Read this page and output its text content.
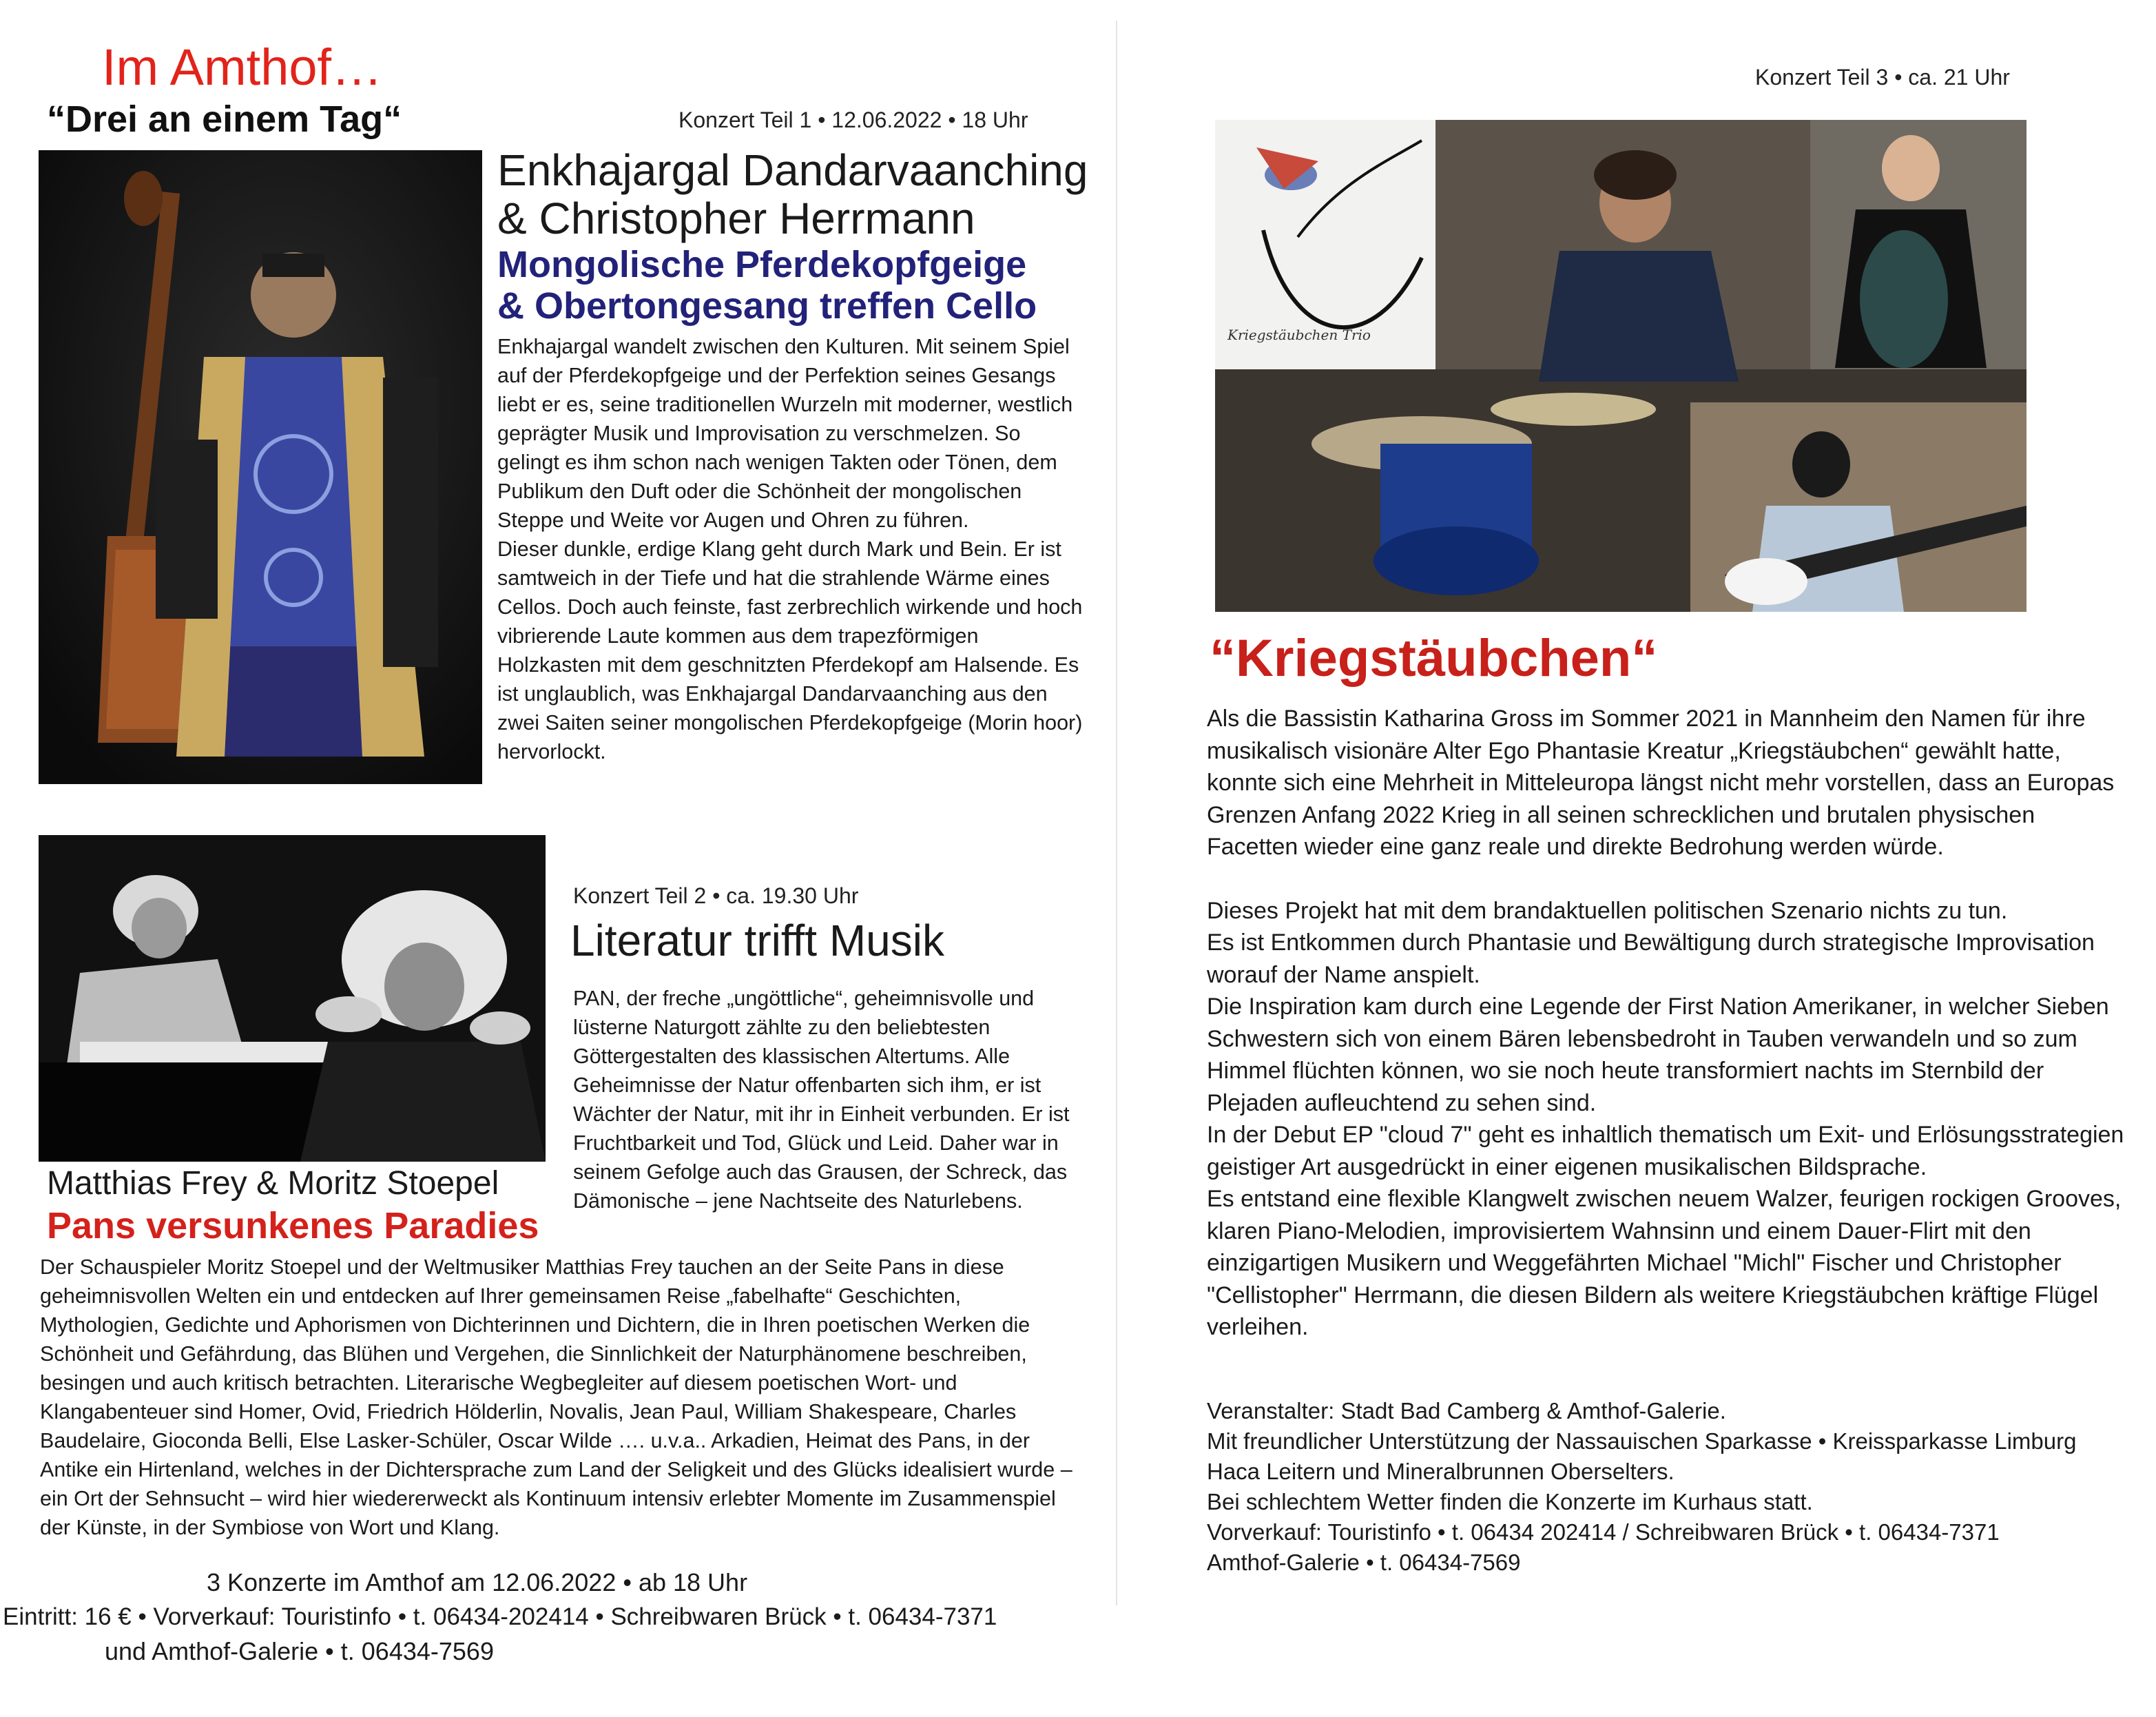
Im Amthof…
“Drei an einem Tag“	Konzert Teil 1 • 12.06.2022 • 18 Uhr
Enkhajargal Dandarvaanching
& Christopher Herrmann
Mongolische Pferdekopfgeige
& Obertongesang treffen Cello

Enkhajargal wandelt zwischen den Kulturen. Mit seinem Spiel auf der Pferdekopfgeige und der Perfektion seines Gesangs liebt er es, seine traditionellen Wurzeln mit moderner, westlich geprägter Musik und Improvisation zu verschmelzen. So gelingt es ihm schon nach wenigen Takten oder Tönen, dem Publikum den Duft oder die Schönheit der mongolischen Steppe und Weite vor Augen und Ohren zu führen.

Dieser dunkle, erdige Klang geht durch Mark und Bein. Er ist samtweich in der Tiefe und hat die strahlende Wärme eines Cellos. Doch auch feinste, fast zerbrechlich wirkende und hoch vibrierende Laute kommen aus dem trapezförmigen Holzkasten mit dem geschnitzten Pferdekopf am Halsende. Es ist unglaublich, was Enkhajargal Dandarvaanching aus den zwei Saiten seiner mongolischen Pferdekopfgeige (Morin hoor) hervorlockt.

Konzert Teil 2 • ca. 19.30 Uhr
Literatur trifft Musik

PAN, der freche „ungöttliche“, geheimnisvolle und lüsterne Naturgott zählte zu den beliebtesten Göttergestalten des klassischen Altertums. Alle Geheimnisse der Natur offenbarten sich ihm, er ist Wächter der Natur, mit ihr in Einheit verbunden. Er ist Fruchtbarkeit und Tod, Glück und Leid. Daher war in seinem Gefolge auch das Grausen, der Schreck, das Dämonische – jene Nachtseite des Naturlebens.

Matthias Frey & Moritz Stoepel
Pans versunkenes Paradies

Der Schauspieler Moritz Stoepel und der Weltmusiker Matthias Frey tauchen an der Seite Pans in diese geheimnisvollen Welten ein und entdecken auf Ihrer gemeinsamen Reise „fabelhafte“ Geschichten, Mythologien, Gedichte und Aphorismen von Dichterinnen und Dichtern, die in Ihren poetischen Werken die Schönheit und Gefährdung, das Blühen und Vergehen, die Sinnlichkeit der Naturphänomene beschreiben, besingen und auch kritisch betrachten. Literarische Wegbegleiter auf diesem poetischen Wort- und Klangabenteuer sind Homer, Ovid, Friedrich Hölderlin, Novalis, Jean Paul, William Shakespeare, Charles Baudelaire, Gioconda Belli, Else Lasker-Schüler, Oscar Wilde …. u.v.a.. Arkadien, Heimat des Pans, in der Antike ein Hirtenland, welches in der Dichtersprache zum Land der Seligkeit und des Glücks idealisiert wurde – ein Ort der Sehnsucht – wird hier wiedererweckt als Kontinuum intensiv erlebter Momente im Zusammenspiel der Künste, in der Symbiose von Wort und Klang.

3 Konzerte im Amthof am 12.06.2022 • ab 18 Uhr
Eintritt: 16 € • Vorverkauf: Touristinfo • t. 06434-202414 • Schreibwaren Brück • t. 06434-7371
und Amthof-Galerie • t. 06434-7569
Konzert Teil 3 • ca. 21 Uhr
“Kriegstäubchen“

Als die Bassistin Katharina Gross im Sommer 2021 in Mannheim den Namen für ihre musikalisch visionäre Alter Ego Phantasie Kreatur „Kriegstäubchen“ gewählt hatte, konnte sich eine Mehrheit in Mitteleuropa längst nicht mehr vorstellen, dass an Europas Grenzen Anfang 2022 Krieg in all seinen schrecklichen und brutalen physischen Facetten wieder eine ganz reale und direkte Bedrohung werden würde.

Dieses Projekt hat mit dem brandaktuellen politischen Szenario nichts zu tun.

Es ist Entkommen durch Phantasie und Bewältigung durch strategische Improvisation worauf der Name anspielt.

Die Inspiration kam durch eine Legende der First Nation Amerikaner, in welcher Sieben Schwestern sich von einem Bären lebensbedroht in Tauben verwandeln und so zum Himmel flüchten können, wo sie noch heute transformiert nachts im Sternbild der Plejaden aufleuchtend zu sehen sind.

In der Debut EP "cloud 7" geht es inhaltlich thematisch um Exit- und Erlösungsstrategien geistiger Art ausgedrückt in einer eigenen musikalischen Bildsprache.

Es entstand eine flexible Klangwelt zwischen neuem Walzer, feurigen rockigen Grooves, klaren Piano-Melodien, improvisiertem Wahnsinn und einem Dauer-Flirt mit den einzigartigen Musikern und Weggefährten Michael "Michl" Fischer und Christopher "Cellistopher" Herrmann, die diesen Bildern als weitere Kriegstäubchen kräftige Flügel verleihen.

Veranstalter: Stadt Bad Camberg & Amthof-Galerie.

Mit freundlicher Unterstützung der Nassauischen Sparkasse • Kreissparkasse Limburg

Haca Leitern und Mineralbrunnen Oberselters.

Bei schlechtem Wetter finden die Konzerte im Kurhaus statt.

Vorverkauf: Touristinfo • t. 06434 202414 / Schreibwaren Brück • t. 06434-7371

Amthof-Galerie • t. 06434-7569

Kriegstäubchen Trio
